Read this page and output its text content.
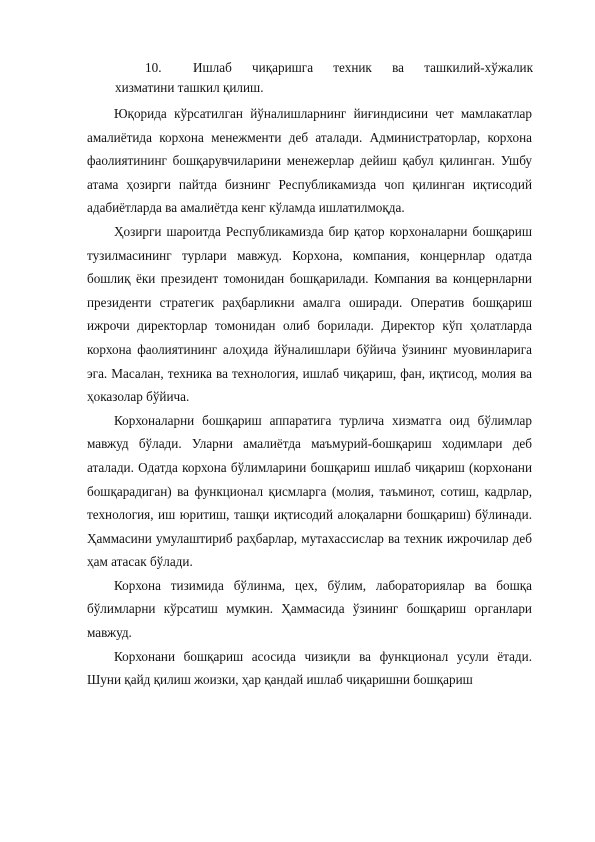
10.	Ишлаб чиқаришга техник ва ташкилий-хўжалик
хизматини ташкил қилиш.

Юқорида кўрсатилган йўналишларнинг йиғиндисини чет мамлакатлар амалиётида корхона менежменти деб аталади. Администраторлар, корхона фаолиятининг бошқарувчиларини менежерлар дейиш қабул қилинган. Ушбу атама ҳозирги пайтда бизнинг Республикамизда чоп қилинган иқтисодий адабиётларда ва амалиётда кенг кўламда ишлатилмоқда.

Ҳозирги шароитда Республикамизда бир қатор корхоналарни бошқариш тузилмасининг турлари мавжуд. Корхона, компания, концернлар одатда бошлиқ ёки президент томонидан бошқарилади. Компания ва концернларни президенти стратегик раҳбарликни амалга оширади. Оператив бошқариш ижрочи директорлар томонидан олиб борилади. Директор кўп ҳолатларда корхона фаолиятининг алоҳида йўналишлари бўйича ўзининг муовинларига эга. Масалан, техника ва технология, ишлаб чиқариш, фан, иқтисод, молия ва ҳоказолар бўйича.

Корхоналарни бошқариш аппаратига турлича хизматга оид бўлимлар мавжуд бўлади. Уларни амалиётда маъмурий-бошқариш ходимлари деб аталади. Одатда корхона бўлимларини бошқариш ишлаб чиқариш (корхонани бошқарадиган) ва функционал қисмларга (молия, таъминот, сотиш, кадрлар, технология, иш юритиш, ташқи иқтисодий алоқаларни бошқариш) бўлинади. Ҳаммасини умулаштириб раҳбарлар, мутахассислар ва техник ижрочилар деб ҳам атасак бўлади.

Корхона тизимида бўлинма, цех, бўлим, лабораториялар ва бошқа бўлимларни кўрсатиш мумкин. Ҳаммасида ўзининг бошқариш органлари мавжуд.

Корхонани бошқариш асосида чизиқли ва функционал усули ётади. Шуни қайд қилиш жоизки, ҳар қандай ишлаб чиқаришни бошқариш
